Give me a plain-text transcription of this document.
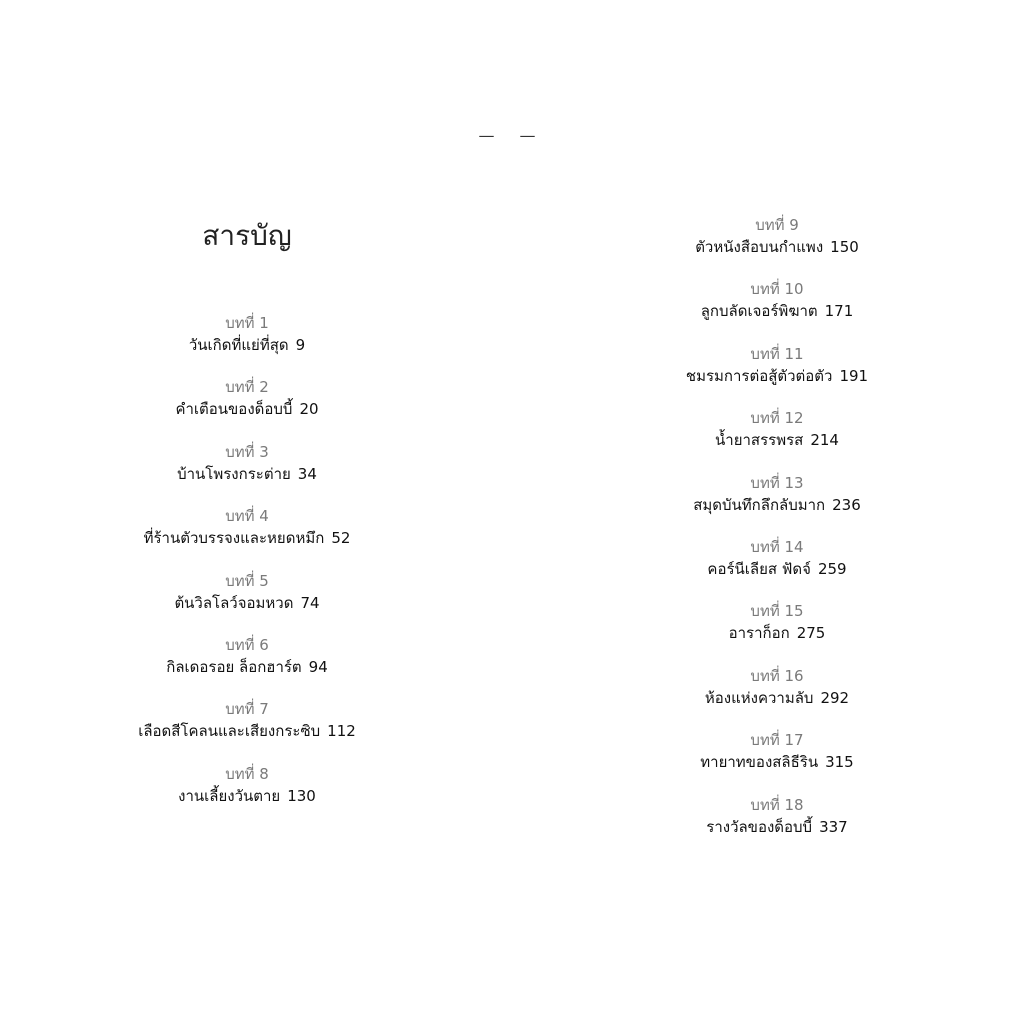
— —
สารบัญ
บทที่ 1
วันเกิดที่แย่ที่สุด 9
บทที่ 2
คำเตือนของด็อบบี้ 20
บทที่ 3
บ้านโพรงกระต่าย 34
บทที่ 4
ที่ร้านตัวบรรจงและหยดหมึก 52
บทที่ 5
ต้นวิลโลว์จอมหวด 74
บทที่ 6
กิลเดอรอย ล็อกฮาร์ต 94
บทที่ 7
เลือดสีโคลนและเสียงกระซิบ 112
บทที่ 8
งานเลี้ยงวันตาย 130
บทที่ 9
ตัวหนังสือบนกำแพง 150
บทที่ 10
ลูกบลัดเจอร์พิฆาต 171
บทที่ 11
ชมรมการต่อสู้ตัวต่อตัว 191
บทที่ 12
น้ำยาสรรพรส 214
บทที่ 13
สมุดบันทึกลึกลับมาก 236
บทที่ 14
คอร์นีเลียส ฟัดจ์ 259
บทที่ 15
อาราก็อก 275
บทที่ 16
ห้องแห่งความลับ 292
บทที่ 17
ทายาทของสลิธีริน 315
บทที่ 18
รางวัลของด็อบบี้ 337
